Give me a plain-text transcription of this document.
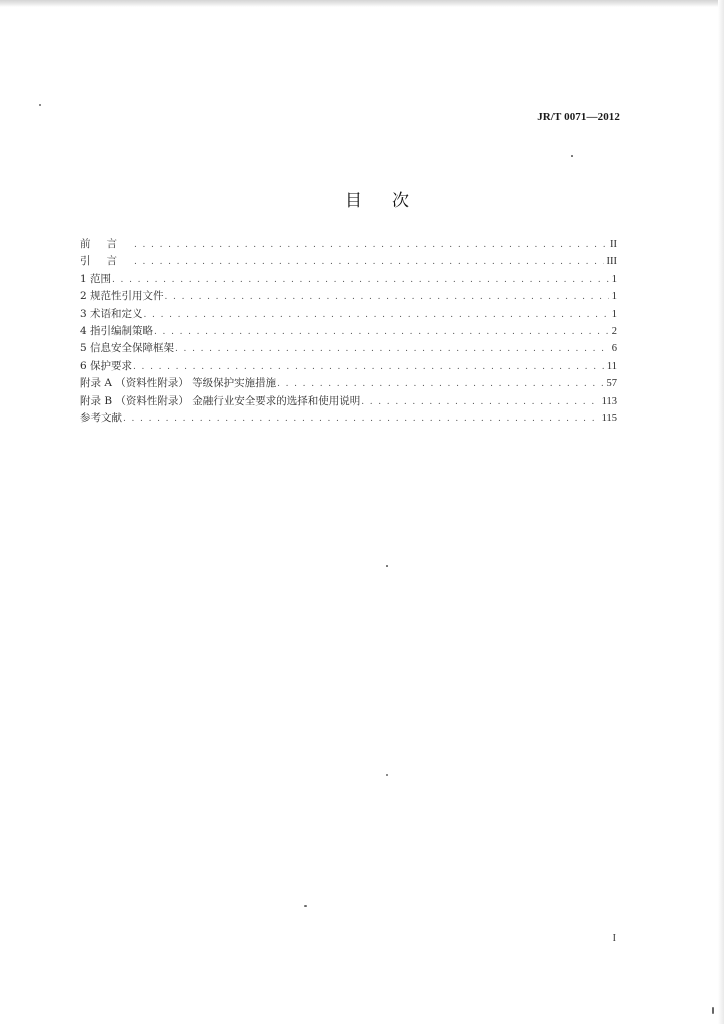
JR/T 0071—2012
目次
前言 . . .	II
引言 . . .	III
1 范围 . . .	1
2 规范性引用文件 . . .	1
3 术语和定义 . . .	1
4 指引编制策略 . . .	2
5 信息安全保障框架 . . .	6
6 保护要求 . . .	11
附录 A （资料性附录） 等级保护实施措施 . . .	57
附录 B （资料性附录） 金融行业安全要求的选择和使用说明 . . .	113
参考文献 . . .	115
I
